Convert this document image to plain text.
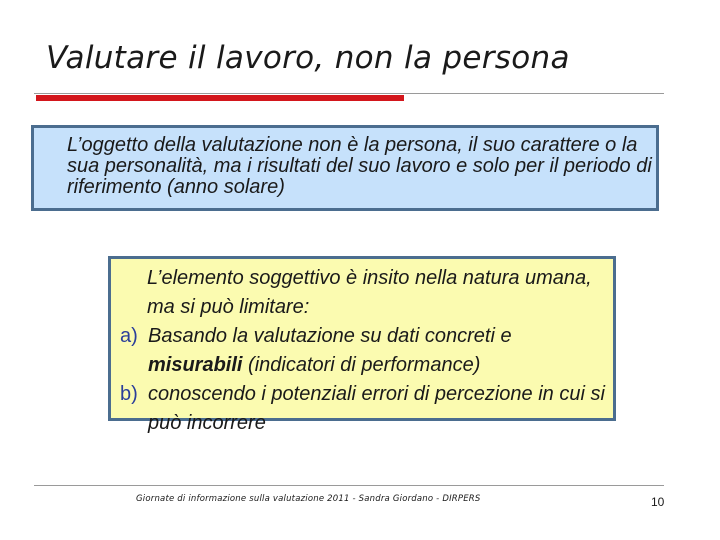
Valutare il lavoro, non la persona
L’oggetto della valutazione non è la persona, il suo carattere o la sua personalità, ma i risultati del suo lavoro e solo per il periodo di riferimento (anno solare)
L’elemento soggettivo è insito nella natura umana, ma si può limitare:
a) Basando la valutazione su dati concreti e misurabili (indicatori di performance)
b) conoscendo i potenziali errori di percezione in cui si può incorrere
Giornate di informazione sulla valutazione 2011 - Sandra Giordano - DIRPERS	10
